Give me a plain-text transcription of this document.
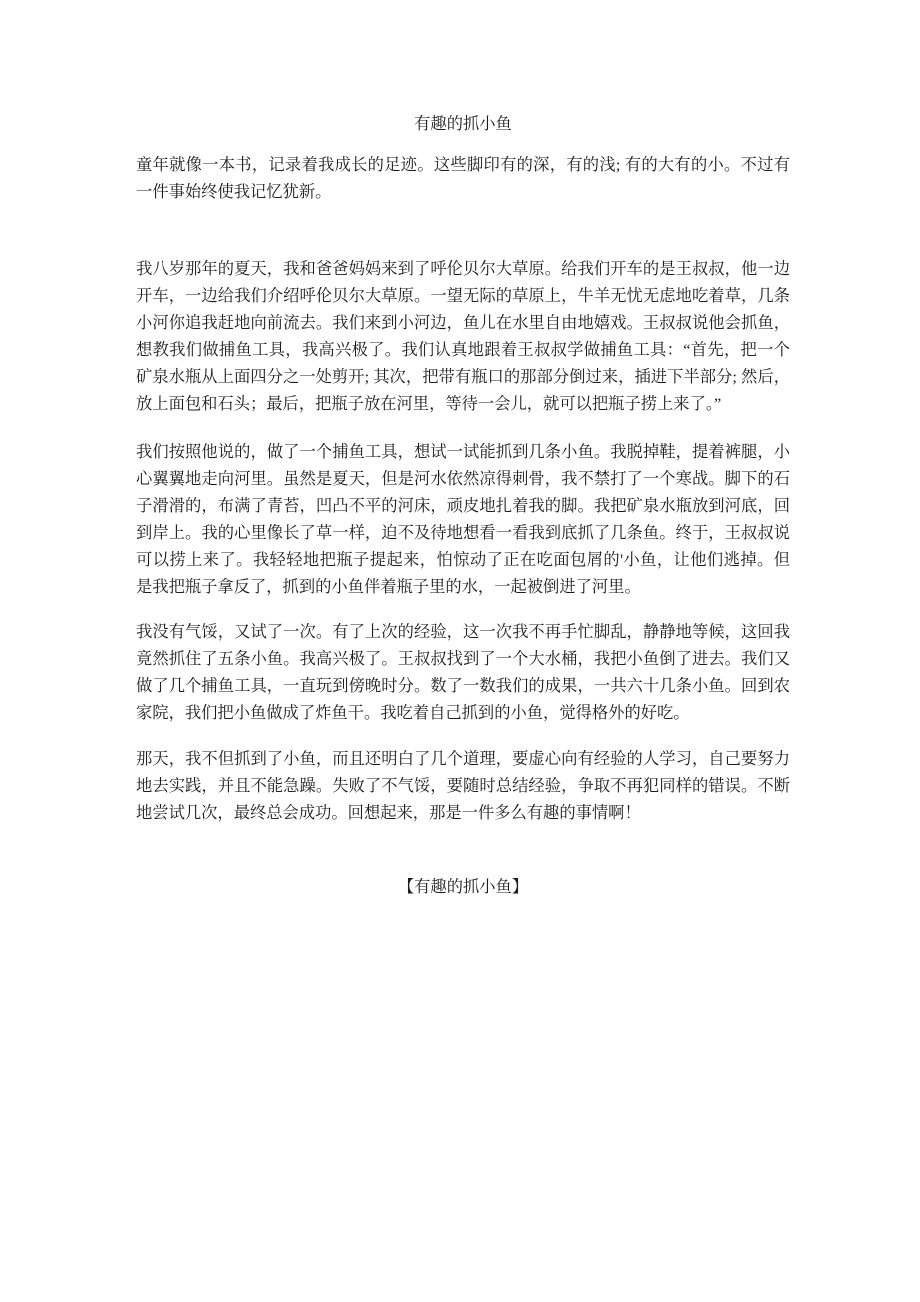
有趣的抓小鱼

童年就像一本书，记录着我成长的足迹。这些脚印有的深，有的浅; 有的大有的小。不过有一件事始终使我记忆犹新。

我八岁那年的夏天，我和爸爸妈妈来到了呼伦贝尔大草原。给我们开车的是王叔叔，他一边开车，一边给我们介绍呼伦贝尔大草原。一望无际的草原上，牛羊无忧无虑地吃着草，几条小河你追我赶地向前流去。我们来到小河边，鱼儿在水里自由地嬉戏。王叔叔说他会抓鱼，想教我们做捕鱼工具，我高兴极了。我们认真地跟着王叔叔学做捕鱼工具：“首先，把一个矿泉水瓶从上面四分之一处剪开; 其次，把带有瓶口的那部分倒过来，插进下半部分; 然后，放上面包和石头；最后，把瓶子放在河里，等待一会儿，就可以把瓶子捞上来了。”

我们按照他说的，做了一个捕鱼工具，想试一试能抓到几条小鱼。我脱掉鞋，提着裤腿，小心翼翼地走向河里。虽然是夏天，但是河水依然凉得刺骨，我不禁打了一个寒战。脚下的石子滑滑的，布满了青苔，凹凸不平的河床，顽皮地扎着我的脚。我把矿泉水瓶放到河底，回到岸上。我的心里像长了草一样，迫不及待地想看一看我到底抓了几条鱼。终于，王叔叔说可以捞上来了。我轻轻地把瓶子提起来，怕惊动了正在吃面包屑的'小鱼，让他们逃掉。但是我把瓶子拿反了，抓到的小鱼伴着瓶子里的水，一起被倒进了河里。

我没有气馁，又试了一次。有了上次的经验，这一次我不再手忙脚乱，静静地等候，这回我竟然抓住了五条小鱼。我高兴极了。王叔叔找到了一个大水桶，我把小鱼倒了进去。我们又做了几个捕鱼工具，一直玩到傍晚时分。数了一数我们的成果，一共六十几条小鱼。回到农家院，我们把小鱼做成了炸鱼干。我吃着自己抓到的小鱼，觉得格外的好吃。

那天，我不但抓到了小鱼，而且还明白了几个道理，要虚心向有经验的人学习，自己要努力地去实践，并且不能急躁。失败了不气馁，要随时总结经验，争取不再犯同样的错误。不断地尝试几次，最终总会成功。回想起来，那是一件多么有趣的事情啊！

【有趣的抓小鱼】
